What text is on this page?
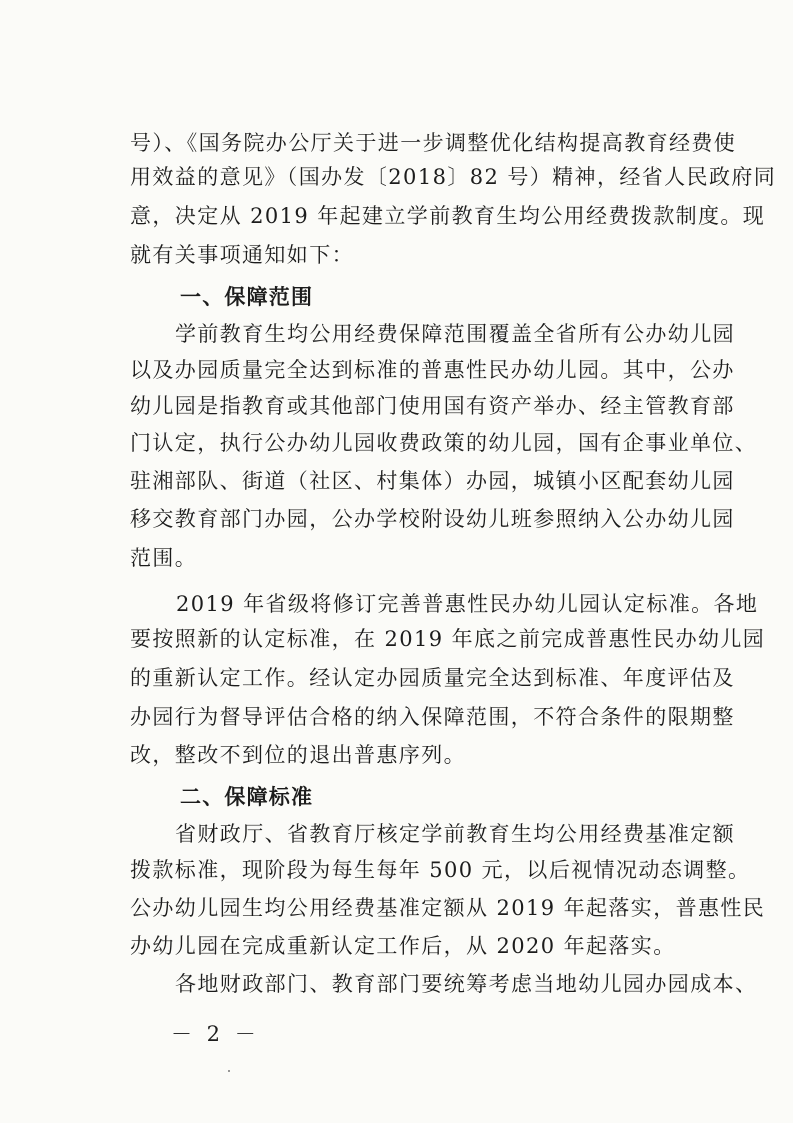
号）、《国务院办公厅关于进一步调整优化结构提高教育经费使
用效益的意见》（国办发〔2018〕82 号）精神，经省人民政府同
意，决定从 2019 年起建立学前教育生均公用经费拨款制度。现
就有关事项通知如下：
一、保障范围
学前教育生均公用经费保障范围覆盖全省所有公办幼儿园
以及办园质量完全达到标准的普惠性民办幼儿园。其中，公办
幼儿园是指教育或其他部门使用国有资产举办、经主管教育部
门认定，执行公办幼儿园收费政策的幼儿园，国有企事业单位、
驻湘部队、街道（社区、村集体）办园，城镇小区配套幼儿园
移交教育部门办园，公办学校附设幼儿班参照纳入公办幼儿园
范围。
2019 年省级将修订完善普惠性民办幼儿园认定标准。各地
要按照新的认定标准，在 2019 年底之前完成普惠性民办幼儿园
的重新认定工作。经认定办园质量完全达到标准、年度评估及
办园行为督导评估合格的纳入保障范围，不符合条件的限期整
改，整改不到位的退出普惠序列。
二、保障标准
省财政厅、省教育厅核定学前教育生均公用经费基准定额
拨款标准，现阶段为每生每年 500 元，以后视情况动态调整。
公办幼儿园生均公用经费基准定额从 2019 年起落实，普惠性民
办幼儿园在完成重新认定工作后，从 2020 年起落实。
各地财政部门、教育部门要统筹考虑当地幼儿园办园成本、
－ 2 －
